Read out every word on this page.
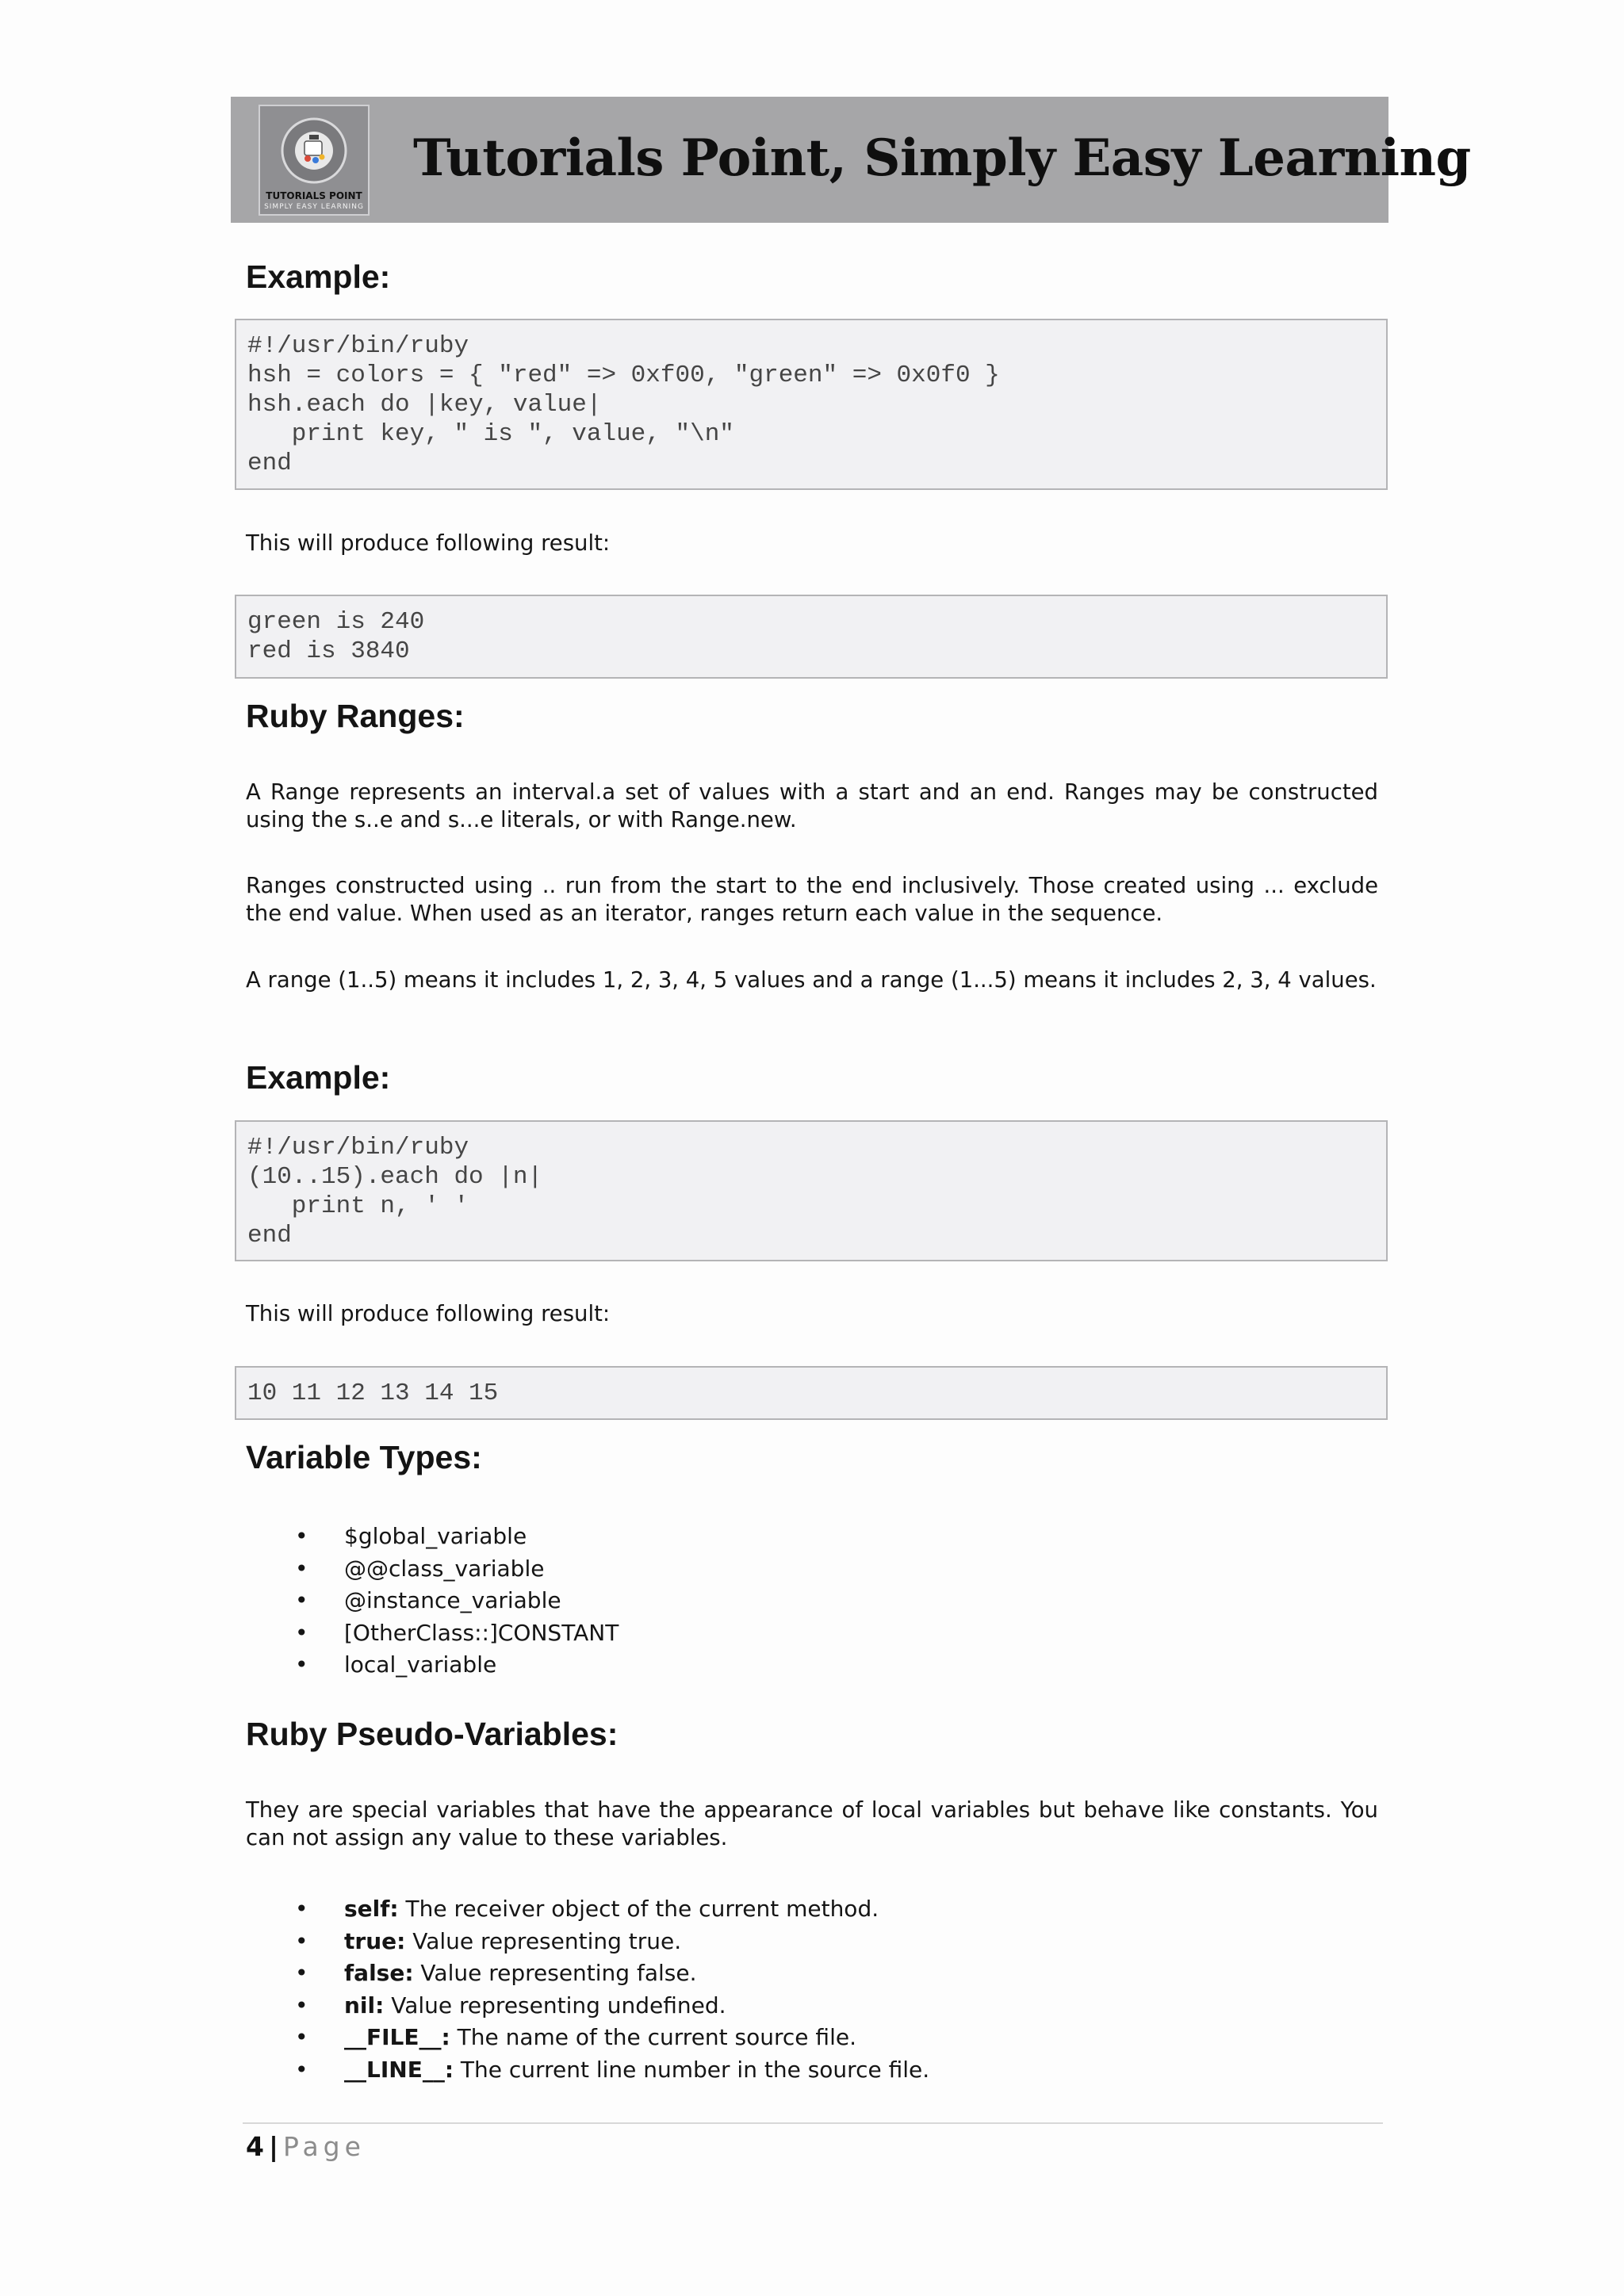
TUTORIALS POINT
SIMPLY EASY LEARNING
Tutorials Point, Simply Easy Learning
Example:
#!/usr/bin/ruby
hsh = colors = { "red" => 0xf00, "green" => 0x0f0 }
hsh.each do |key, value|
print key, " is ", value, "\n"
end

This will produce following result:

green is 240
red is 3840
Ruby Ranges:

A Range represents an interval.a set of values with a start and an end. Ranges may be constructed using the s..e and s...e literals, or with Range.new.

Ranges constructed using .. run from the start to the end inclusively. Those created using ... exclude the end value. When used as an iterator, ranges return each value in the sequence.

A range (1..5) means it includes 1, 2, 3, 4, 5 values and a range (1...5) means it includes 2, 3, 4 values.

Example:
#!/usr/bin/ruby
(10..15).each do |n|
print n, ' '
end

This will produce following result:

10 11 12 13 14 15
Variable Types:
• $global_variable
• @@class_variable
• @instance_variable
• [OtherClass::]CONSTANT
• local_variable
Ruby Pseudo-Variables:

They are special variables that have the appearance of local variables but behave like constants. You can not assign any value to these variables.

• self: The receiver object of the current method.
• true: Value representing true.
• false: Value representing false.
• nil: Value representing undefined.
• __FILE__: The name of the current source file.
• __LINE__: The current line number in the source file.
4 | Page
